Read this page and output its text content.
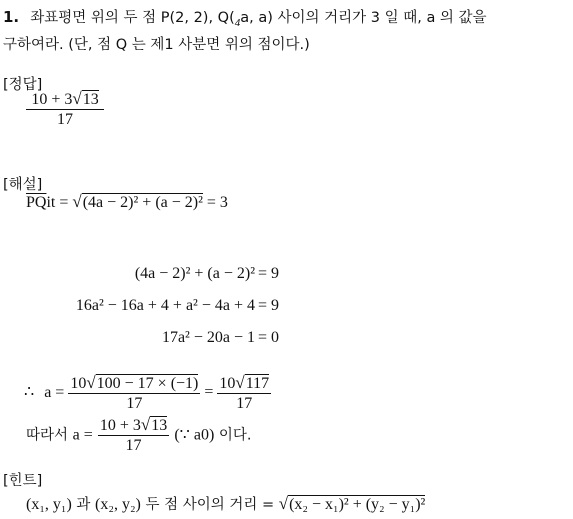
1. 좌표평면 위의 두 점 P(2, 2), $Q(_4a$, a) 사이의 거리가 3 일 때, a 의 값을
구하여라. (단, 점 Q 는 제1 사분면 위의 점이다.)
[정답]
$\frac{10 + 3√13}{17}$
[해설]
$\overline{PQ}it = √(4a - 2)^2 + (a - 2)^2 = 3$
(4a − 2)² + (a − 2)² = 9
16a² − 16a + 4 + a² − 4a + 4 = 9
17a² − 20a − 1 = 0
∴ $a = \frac{10√100 - 17 \times (-1)}{17} = \frac{10√117}{17}$
따라서 $a = \frac{10 + 3√13}{17}$ (∵ a0) 이다.
[힌트]
(x₁, y₁) 과 (x₂, y₂) 두 점 사이의 거리 = √(x₂ − x₁)² + (y₂ − y₁)²
